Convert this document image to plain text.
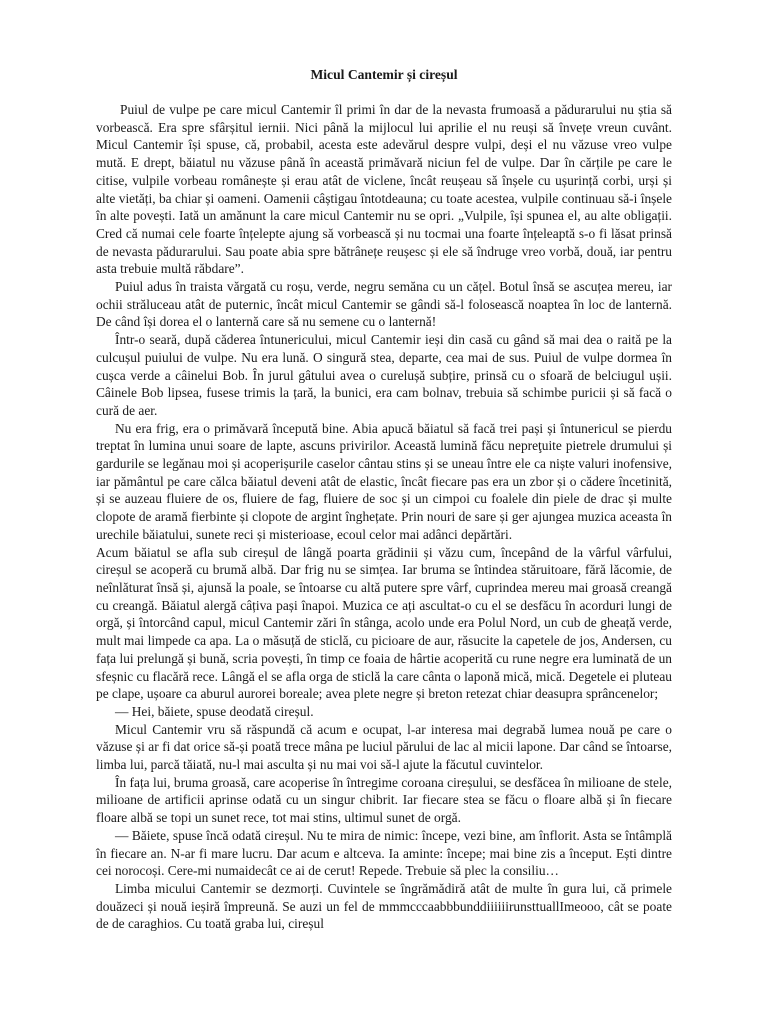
Micul Cantemir și cireșul

Puiul de vulpe pe care micul Cantemir îl primi în dar de la nevasta frumoasă a pădurarului nu știa să vorbească. Era spre sfârșitul iernii. Nici până la mijlocul lui aprilie el nu reuși să învețe vreun cuvânt. Micul Cantemir își spuse, că, probabil, acesta este adevărul despre vulpi, deși el nu văzuse vreo vulpe mută. E drept, băiatul nu văzuse până în această primăvară niciun fel de vulpe. Dar în cărțile pe care le citise, vulpile vorbeau românește și erau atât de viclene, încât reușeau să înșele cu ușurință corbi, urși și alte vietăți, ba chiar și oameni. Oamenii câștigau întotdeauna; cu toate acestea, vulpile continuau să-i înșele în alte povești. Iată un amănunt la care micul Cantemir nu se opri. „Vulpile, își spunea el, au alte obligații. Cred că numai cele foarte înțelepte ajung să vorbească și nu tocmai una foarte înțeleaptă s-o fi lăsat prinsă de nevasta pădurarului. Sau poate abia spre bătrânețe reușesc și ele să îndruge vreo vorbă, două, iar pentru asta trebuie multă răbdare”.

Puiul adus în traista vărgată cu roșu, verde, negru semăna cu un cățel. Botul însă se ascuțea mereu, iar ochii străluceau atât de puternic, încât micul Cantemir se gândi să-l folosească noaptea în loc de lanternă. De când își dorea el o lanternă care să nu semene cu o lanternă!

Într-o seară, după căderea întunericului, micul Cantemir ieși din casă cu gând să mai dea o raită pe la culcușul puiului de vulpe. Nu era lună. O singură stea, departe, cea mai de sus. Puiul de vulpe dormea în cușca verde a câinelui Bob. În jurul gâtului avea o curelușă subțire, prinsă cu o sfoară de belciugul ușii. Câinele Bob lipsea, fusese trimis la țară, la bunici, era cam bolnav, trebuia să schimbe puricii și să facă o cură de aer.

Nu era frig, era o primăvară începută bine. Abia apucă băiatul să facă trei pași și întunericul se pierdu treptat în lumina unui soare de lapte, ascuns privirilor. Această lumină făcu nepreţuite pietrele drumului și gardurile se legănau moi și acoperișurile caselor cântau stins și se uneau între ele ca niște valuri inofensive, iar pământul pe care călca băiatul deveni atât de elastic, încât fiecare pas era un zbor și o cădere încetinită, și se auzeau fluiere de os, fluiere de fag, fluiere de soc și un cimpoi cu foalele din piele de drac și multe clopote de aramă fierbinte și clopote de argint înghețate. Prin nouri de sare și ger ajungea muzica aceasta în urechile băiatului, sunete reci și misterioase, ecoul celor mai adânci depărtări.

Acum băiatul se afla sub cireșul de lângă poarta grădinii și văzu cum, începând de la vârful vârfului, cireșul se acoperă cu brumă albă. Dar frig nu se simțea. Iar bruma se întindea stăruitoare, fără lăcomie, de neînlăturat însă și, ajunsă la poale, se întoarse cu altă putere spre vârf, cuprindea mereu mai groasă creangă cu creangă. Băiatul alergă câțiva pași înapoi. Muzica ce ați ascultat-o cu el se desfăcu în acorduri lungi de orgă, și întorcând capul, micul Cantemir zări în stânga, acolo unde era Polul Nord, un cub de gheață verde, mult mai limpede ca apa. La o măsuță de sticlă, cu picioare de aur, răsucite la capetele de jos, Andersen, cu fața lui prelungă și bună, scria povești, în timp ce foaia de hârtie acoperită cu rune negre era luminată de un sfeșnic cu flacără rece. Lângă el se afla orga de sticlă la care cânta o laponă mică, mică. Degetele ei pluteau pe clape, ușoare ca aburul aurorei boreale; avea plete negre și breton retezat chiar deasupra sprâncenelor;

— Hei, băiete, spuse deodată cireșul.

Micul Cantemir vru să răspundă că acum e ocupat, l-ar interesa mai degrabă lumea nouă pe care o văzuse și ar fi dat orice să-și poată trece mâna pe luciul părului de lac al micii lapone. Dar când se întoarse, limba lui, parcă tăiată, nu-l mai asculta și nu mai voi să-l ajute la făcutul cuvintelor.

În fața lui, bruma groasă, care acoperise în întregime coroana cireșului, se desfăcea în milioane de stele, milioane de artificii aprinse odată cu un singur chibrit. Iar fiecare stea se făcu o floare albă și în fiecare floare albă se topi un sunet rece, tot mai stins, ultimul sunet de orgă.

— Băiete, spuse încă odată cireșul. Nu te mira de nimic: începe, vezi bine, am înflorit. Asta se întâmplă în fiecare an. N-ar fi mare lucru. Dar acum e altceva. Ia aminte: începe; mai bine zis a început. Ești dintre cei norocoși. Cere-mi numaidecât ce ai de cerut! Repede. Trebuie să plec la consiliu…

Limba micului Cantemir se dezmorți. Cuvintele se îngrămădiră atât de multe în gura lui, că primele douăzeci și nouă ieșiră împreună. Se auzi un fel de mmmcccaabbbunddiiiiiirunsttuallImeooo, cât se poate de de caraghios. Cu toată graba lui, cireșul
